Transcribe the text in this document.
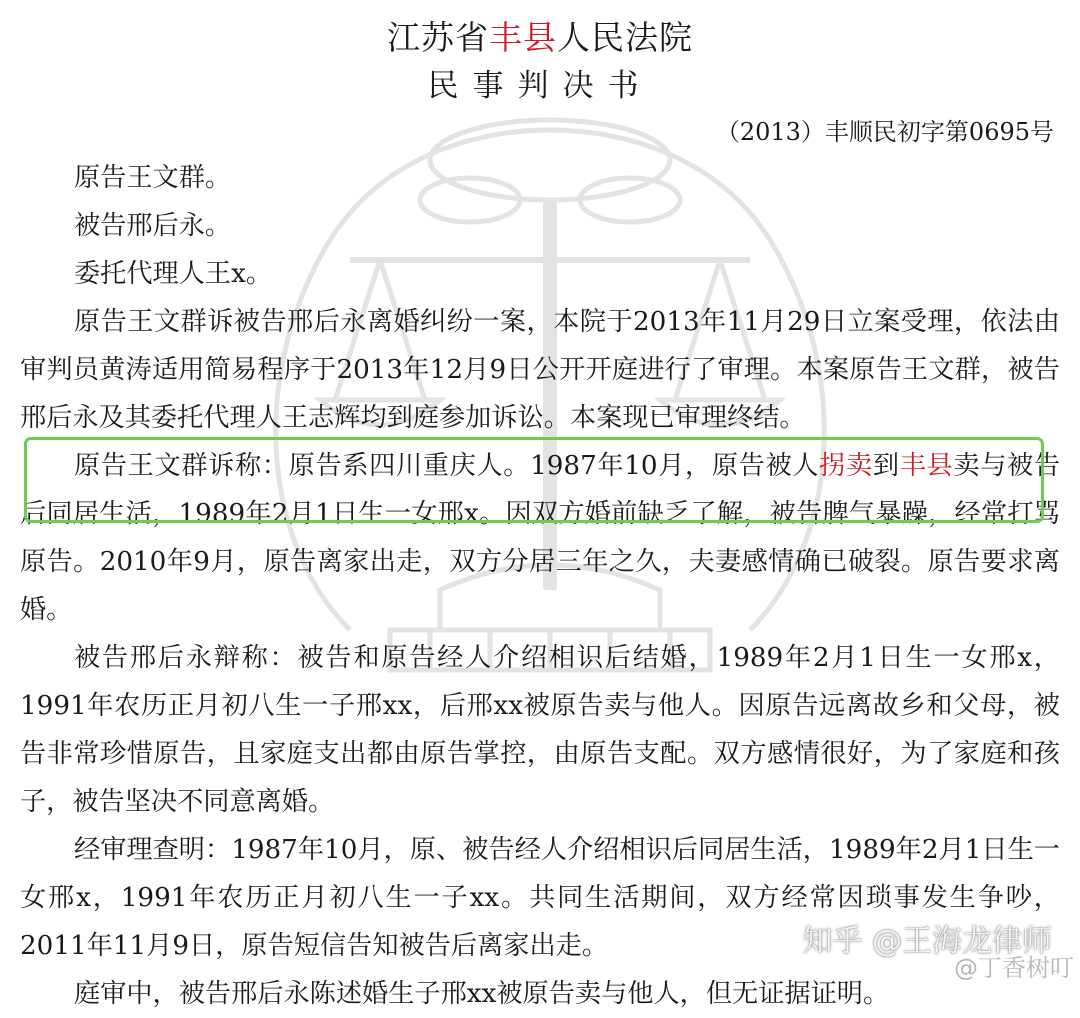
江苏省丰县人民法院
民事判决书
（2013）丰顺民初字第0695号

原告王文群。

被告邢后永。

委托代理人王x。

原告王文群诉被告邢后永离婚纠纷一案，本院于2013年11月29日立案受理，依法由审判员黄涛适用简易程序于2013年12月9日公开开庭进行了审理。本案原告王文群，被告邢后永及其委托代理人王志辉均到庭参加诉讼。本案现已审理终结。

原告王文群诉称：原告系四川重庆人。1987年10月，原告被人拐卖到丰县卖与被告后同居生活，1989年2月1日生一女邢x。因双方婚前缺乏了解，被告脾气暴躁，经常打骂原告。2010年9月，原告离家出走，双方分居三年之久，夫妻感情确已破裂。原告要求离婚。

被告邢后永辩称：被告和原告经人介绍相识后结婚，1989年2月1日生一女邢x，1991年农历正月初八生一子邢xx，后邢xx被原告卖与他人。因原告远离故乡和父母，被告非常珍惜原告，且家庭支出都由原告掌控，由原告支配。双方感情很好，为了家庭和孩子，被告坚决不同意离婚。

经审理查明：1987年10月，原、被告经人介绍相识后同居生活，1989年2月1日生一女邢x，1991年农历正月初八生一子xx。共同生活期间，双方经常因琐事发生争吵，2011年11月9日，原告短信告知被告后离家出走。

庭审中，被告邢后永陈述婚生子邢xx被原告卖与他人，但无证据证明。

知乎 @王海龙律师
@丁香树叮
